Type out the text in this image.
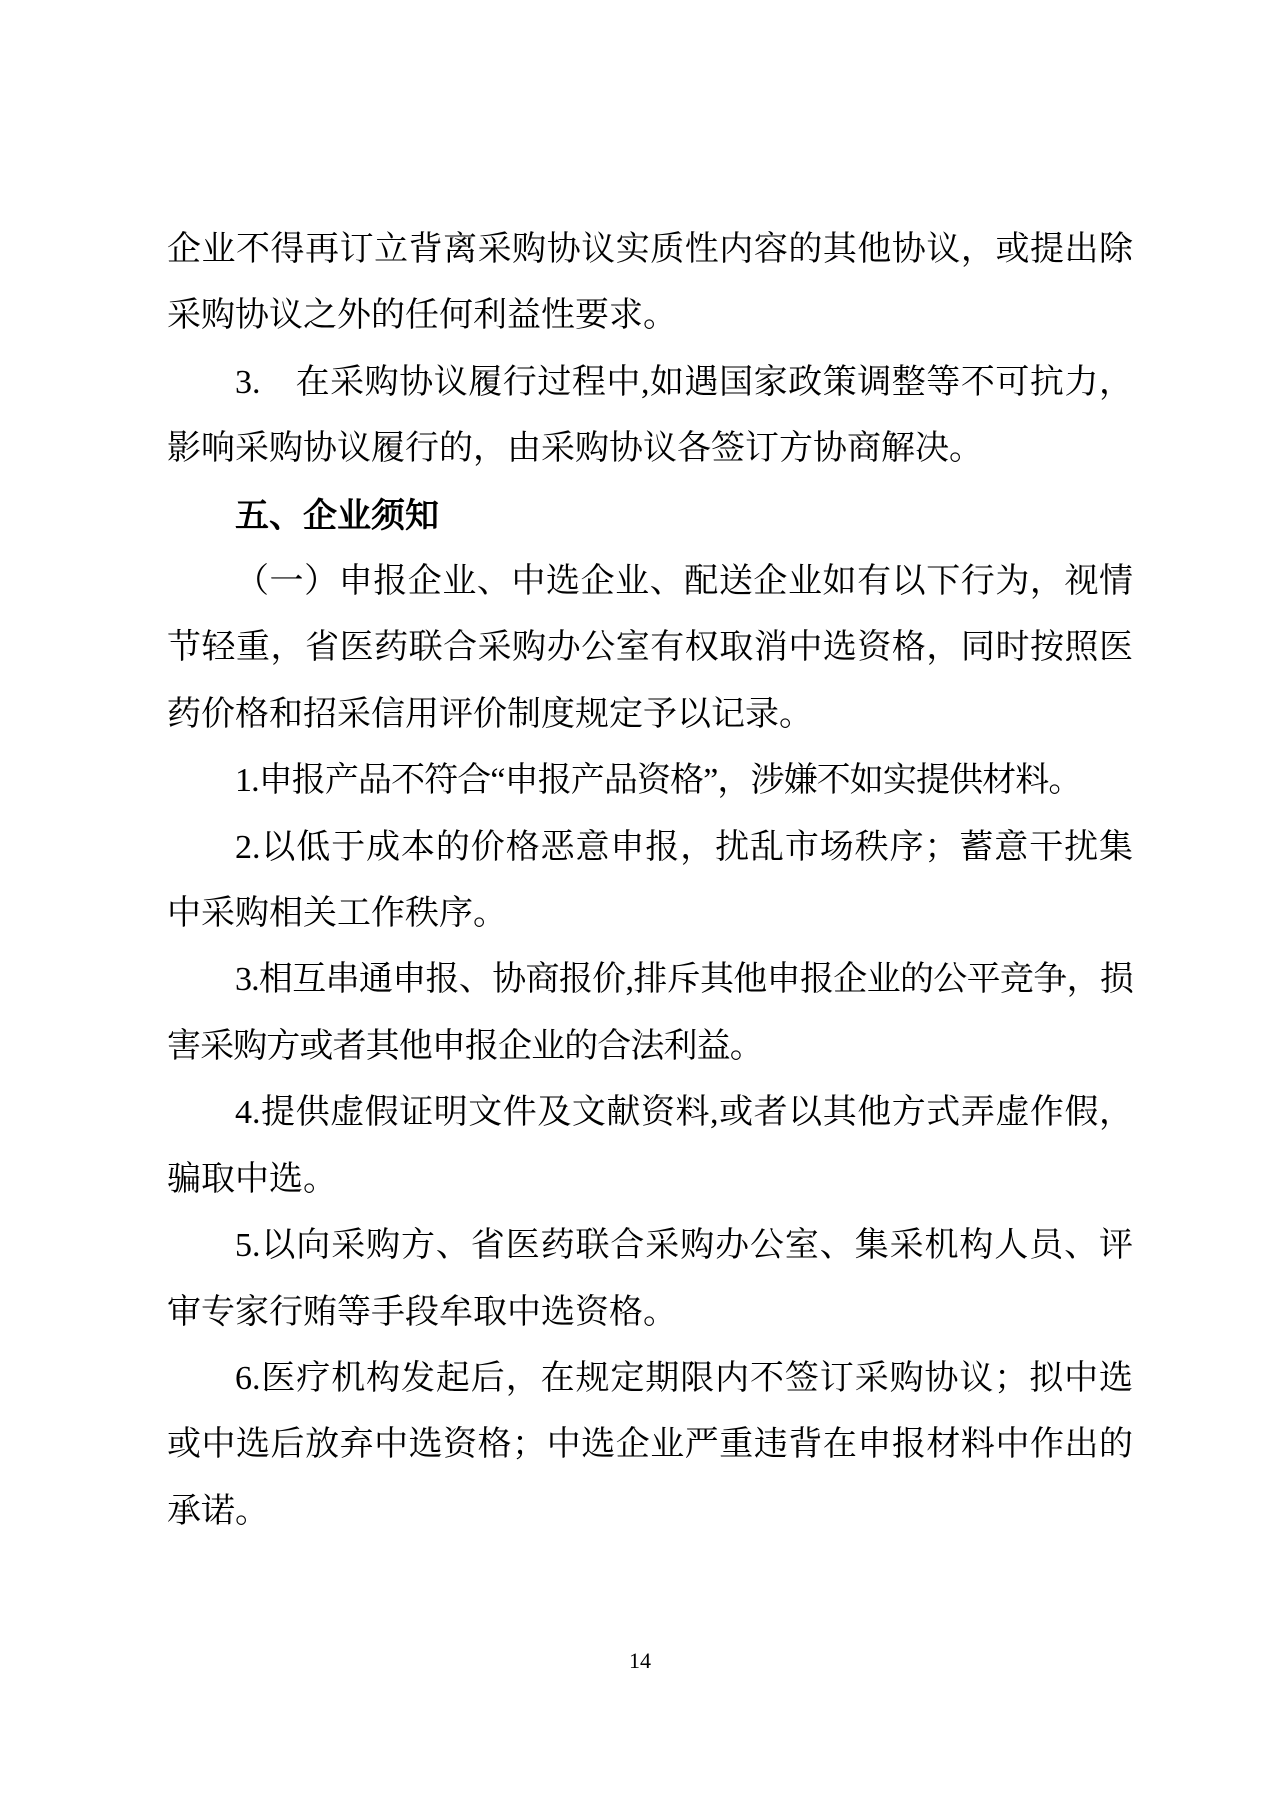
企业不得再订立背离采购协议实质性内容的其他协议，或提出除采购协议之外的任何利益性要求。

3.　在采购协议履行过程中,如遇国家政策调整等不可抗力，影响采购协议履行的，由采购协议各签订方协商解决。

五、企业须知

（一）申报企业、中选企业、配送企业如有以下行为，视情节轻重，省医药联合采购办公室有权取消中选资格，同时按照医药价格和招采信用评价制度规定予以记录。

1.申报产品不符合“申报产品资格”，涉嫌不如实提供材料。

2.以低于成本的价格恶意申报，扰乱市场秩序；蓄意干扰集中采购相关工作秩序。

3.相互串通申报、协商报价,排斥其他申报企业的公平竞争，损害采购方或者其他申报企业的合法利益。

4.提供虚假证明文件及文献资料,或者以其他方式弄虚作假，骗取中选。

5.以向采购方、省医药联合采购办公室、集采机构人员、评审专家行贿等手段牟取中选资格。

6.医疗机构发起后，在规定期限内不签订采购协议；拟中选或中选后放弃中选资格；中选企业严重违背在申报材料中作出的承诺。

14
